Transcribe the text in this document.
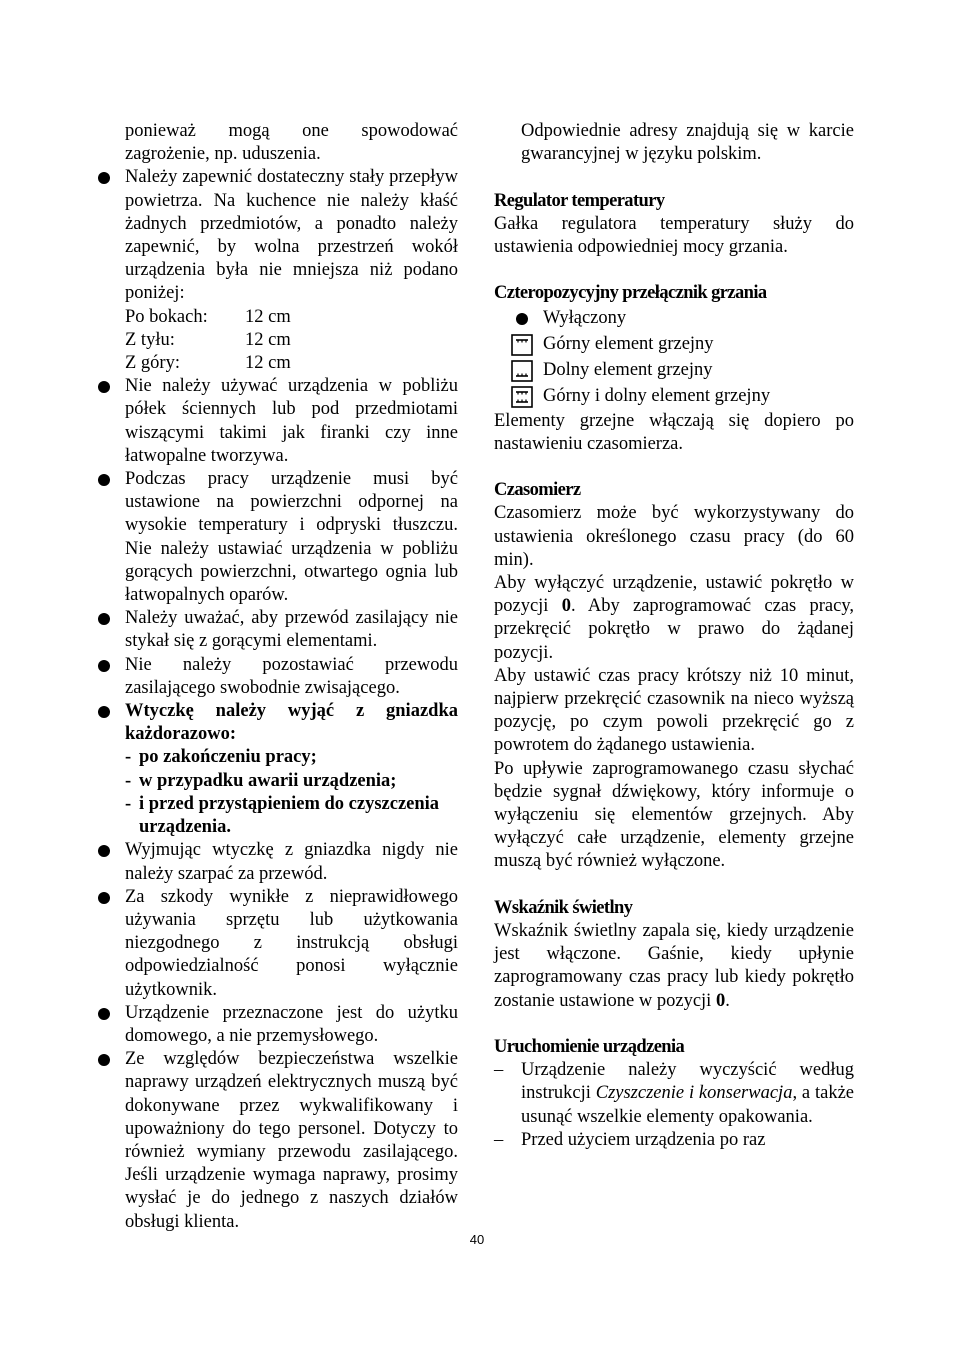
ponieważ mogą one spowodować zagrożenie, np. uduszenia.

Należy zapewnić dostateczny stały przepływ powietrza. Na kuchence nie należy kłaść żadnych przedmiotów, a ponadto należy zapewnić, by wolna przestrzeń wokół urządzenia była nie mniejsza niż podano poniżej:
Po bokach:	12 cm
Z tyłu:	12 cm
Z góry:	12 cm
Nie należy używać urządzenia w pobliżu półek ściennych lub pod przedmiotami wiszącymi takimi jak firanki czy inne łatwopalne tworzywa.
Podczas pracy urządzenie musi być ustawione na powierzchni odpornej na wysokie temperatury i odpryski tłuszczu. Nie należy ustawiać urządzenia w pobliżu gorących powierzchni, otwartego ognia lub łatwopalnych oparów.
Należy uważać, aby przewód zasilający nie stykał się z gorącymi elementami.
Nie należy pozostawiać przewodu zasilającego swobodnie zwisającego.
Wtyczkę należy wyjąć z gniazdka każdorazowo:
- po zakończeniu pracy;
- w przypadku awarii urządzenia;
- i przed przystąpieniem do czyszczenia urządzenia.
Wyjmując wtyczkę z gniazdka nigdy nie należy szarpać za przewód.
Za szkody wynikłe z nieprawidłowego używania sprzętu lub użytkowania niezgodnego z instrukcją obsługi odpowiedzialność ponosi wyłącznie użytkownik.
Urządzenie przeznaczone jest do użytku domowego, a nie przemysłowego.
Ze względów bezpieczeństwa wszelkie naprawy urządzeń elektrycznych muszą być dokonywane przez wykwalifikowany i upoważniony do tego personel. Dotyczy to również wymiany przewodu zasilającego. Jeśli urządzenie wymaga naprawy, prosimy wysłać je do jednego z naszych działów obsługi klienta.

Odpowiednie adresy znajdują się w karcie gwarancyjnej w języku polskim.

Regulator temperatury

Gałka regulatora temperatury służy do ustawienia odpowiedniej mocy grzania.

Czteropozycyjny przełącznik grzania

Wyłączony
Górny element grzejny
Dolny element grzejny
Górny i dolny element grzejny

Elementy grzejne włączają się dopiero po nastawieniu czasomierza.

Czasomierz

Czasomierz może być wykorzystywany do ustawienia określonego czasu pracy (do 60 min).

Aby wyłączyć urządzenie, ustawić pokrętło w pozycji 0. Aby zaprogramować czas pracy, przekręcić pokrętło w prawo do żądanej pozycji.

Aby ustawić czas pracy krótszy niż 10 minut, najpierw przekręcić czasownik na nieco wyższą pozycję, po czym powoli przekręcić go z powrotem do żądanego ustawienia.

Po upływie zaprogramowanego czasu słychać będzie sygnał dźwiękowy, który informuje o wyłączeniu się elementów grzejnych. Aby wyłączyć całe urządzenie, elementy grzejne muszą być również wyłączone.

Wskaźnik świetlny

Wskaźnik świetlny zapala się, kiedy urządzenie jest włączone. Gaśnie, kiedy upłynie zaprogramowany czas pracy lub kiedy pokrętło zostanie ustawione w pozycji 0.

Uruchomienie urządzenia

– Urządzenie należy wyczyścić według instrukcji Czyszczenie i konserwacja, a także usunąć wszelkie elementy opakowania.
– Przed użyciem urządzenia po raz
40
